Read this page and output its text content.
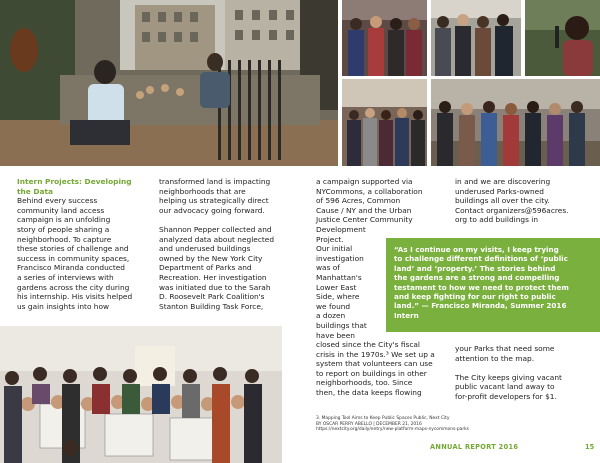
Intern Projects: Developing

the Data

Behind every success

community land access

campaign is an unfolding

story of people sharing a

neighborhood. To capture

these stories of challenge and

success in community spaces,

Francisco Miranda conducted

a series of interviews with

gardens across the city during

his internship. His visits helped

us gain insights into how

transformed land is impacting

neighborhoods that are

helping us strategically direct

our advocacy going forward.

Shannon Pepper collected and

analyzed data about neglected

and underused buildings

owned by the New York City

Department of Parks and

Recreation. Her investigation

was initiated due to the Sarah

D. Roosevelt Park Coalition's

Stanton Building Task Force,

a campaign supported via

NYCommons, a collaboration

of 596 Acres, Common

Cause / NY and the Urban

Justice Center Community

Development

Project.

Our initial

investigation

was of

Manhattan's

Lower East

Side, where

we found

a dozen

buildings that

have been

closed since the City's fiscal

crisis in the 1970s.³ We set up a

system that volunteers can use

to report on buildings in other

neighborhoods, too. Since

then, the data keeps flowing

in and we are discovering

underused Parks-owned

buildings all over the city.

Contact organizers@596acres.

org to add buildings in

“As I continue on my visits, I keep trying

to challenge different definitions of ‘public

land’ and ‘property.’ The stories behind

the gardens are a strong and compelling

testament to how we need to protect them

and keep fighting for our right to public

land.” — Francisco Miranda, Summer 2016

Intern

your Parks that need some

attention to the map.

The City keeps giving vacant

public vacant land away to

for-profit developers for $1.

3. Mapping Tool Aims to Keep Public Spaces Public, Next City

BY OSCAR PERRY ABELLO | DECEMBER 21, 2016

https://nextcity.org/daily/entry/new-platform-maps-nycommons-parks

ANNUAL REPORT 2016	15
